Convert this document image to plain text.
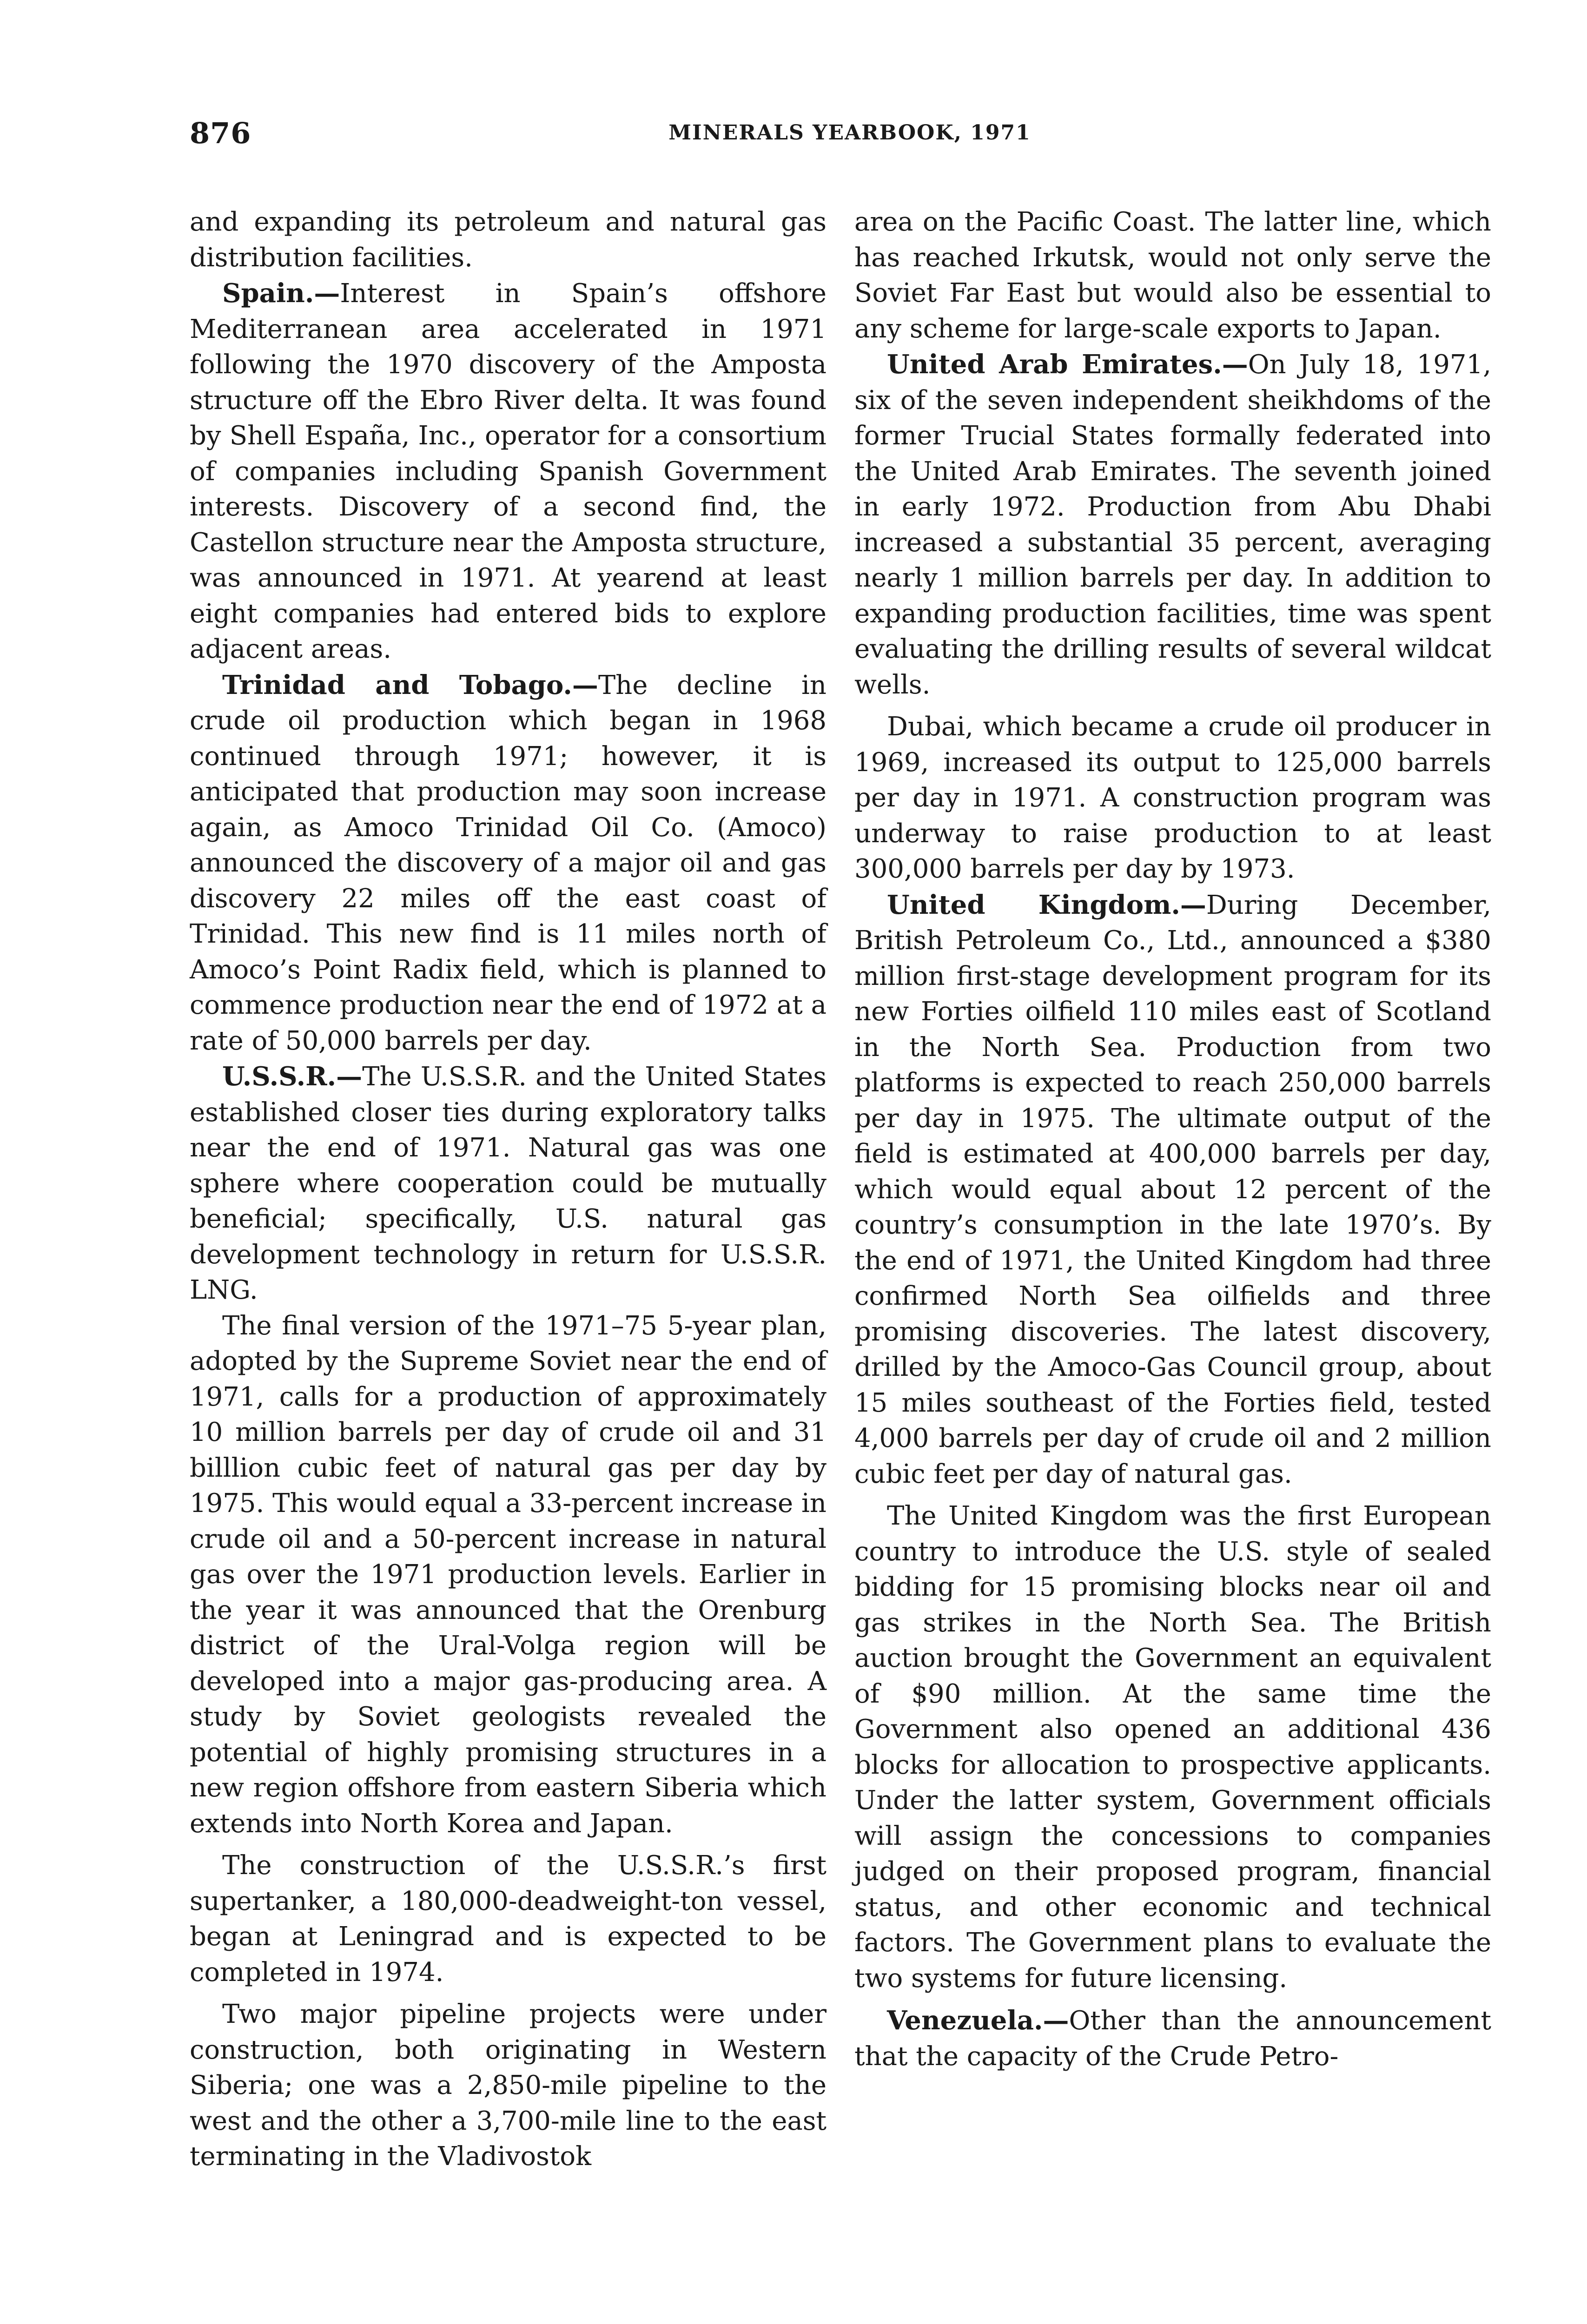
876	MINERALS YEARBOOK, 1971

and expanding its petroleum and natural gas distribution facilities.

Spain.—Interest in Spain’s offshore Mediterranean area accelerated in 1971 following the 1970 discovery of the Amposta structure off the Ebro River delta. It was found by Shell España, Inc., operator for a consortium of companies including Spanish Government interests. Discovery of a second find, the Castellon structure near the Amposta structure, was announced in 1971. At yearend at least eight companies had entered bids to explore adjacent areas.

Trinidad and Tobago.—The decline in crude oil production which began in 1968 continued through 1971; however, it is anticipated that production may soon increase again, as Amoco Trinidad Oil Co. (Amoco) announced the discovery of a major oil and gas discovery 22 miles off the east coast of Trinidad. This new find is 11 miles north of Amoco’s Point Radix field, which is planned to commence production near the end of 1972 at a rate of 50,000 barrels per day.

U.S.S.R.—The U.S.S.R. and the United States established closer ties during exploratory talks near the end of 1971. Natural gas was one sphere where cooperation could be mutually beneficial; specifically, U.S. natural gas development technology in return for U.S.S.R. LNG.

The final version of the 1971–75 5-year plan, adopted by the Supreme Soviet near the end of 1971, calls for a production of approximately 10 million barrels per day of crude oil and 31 billlion cubic feet of natural gas per day by 1975. This would equal a 33-percent increase in crude oil and a 50-percent increase in natural gas over the 1971 production levels. Earlier in the year it was announced that the Orenburg district of the Ural-Volga region will be developed into a major gas-producing area. A study by Soviet geologists revealed the potential of highly promising structures in a new region offshore from eastern Siberia which extends into North Korea and Japan.

The construction of the U.S.S.R.’s first supertanker, a 180,000-deadweight-ton vessel, began at Leningrad and is expected to be completed in 1974.

Two major pipeline projects were under construction, both originating in Western Siberia; one was a 2,850-mile pipeline to the west and the other a 3,700-mile line to the east terminating in the Vladivostok

area on the Pacific Coast. The latter line, which has reached Irkutsk, would not only serve the Soviet Far East but would also be essential to any scheme for large-scale exports to Japan.

United Arab Emirates.—On July 18, 1971, six of the seven independent sheikhdoms of the former Trucial States formally federated into the United Arab Emirates. The seventh joined in early 1972. Production from Abu Dhabi increased a substantial 35 percent, averaging nearly 1 million barrels per day. In addition to expanding production facilities, time was spent evaluating the drilling results of several wildcat wells.

Dubai, which became a crude oil producer in 1969, increased its output to 125,000 barrels per day in 1971. A construction program was underway to raise production to at least 300,000 barrels per day by 1973.

United Kingdom.—During December, British Petroleum Co., Ltd., announced a $380 million first-stage development program for its new Forties oilfield 110 miles east of Scotland in the North Sea. Production from two platforms is expected to reach 250,000 barrels per day in 1975. The ultimate output of the field is estimated at 400,000 barrels per day, which would equal about 12 percent of the country’s consumption in the late 1970’s. By the end of 1971, the United Kingdom had three confirmed North Sea oilfields and three promising discoveries. The latest discovery, drilled by the Amoco-Gas Council group, about 15 miles southeast of the Forties field, tested 4,000 barrels per day of crude oil and 2 million cubic feet per day of natural gas.

The United Kingdom was the first European country to introduce the U.S. style of sealed bidding for 15 promising blocks near oil and gas strikes in the North Sea. The British auction brought the Government an equivalent of $90 million. At the same time the Government also opened an additional 436 blocks for allocation to prospective applicants. Under the latter system, Government officials will assign the concessions to companies judged on their proposed program, financial status, and other economic and technical factors. The Government plans to evaluate the two systems for future licensing.

Venezuela.—Other than the announcement that the capacity of the Crude Petro-
